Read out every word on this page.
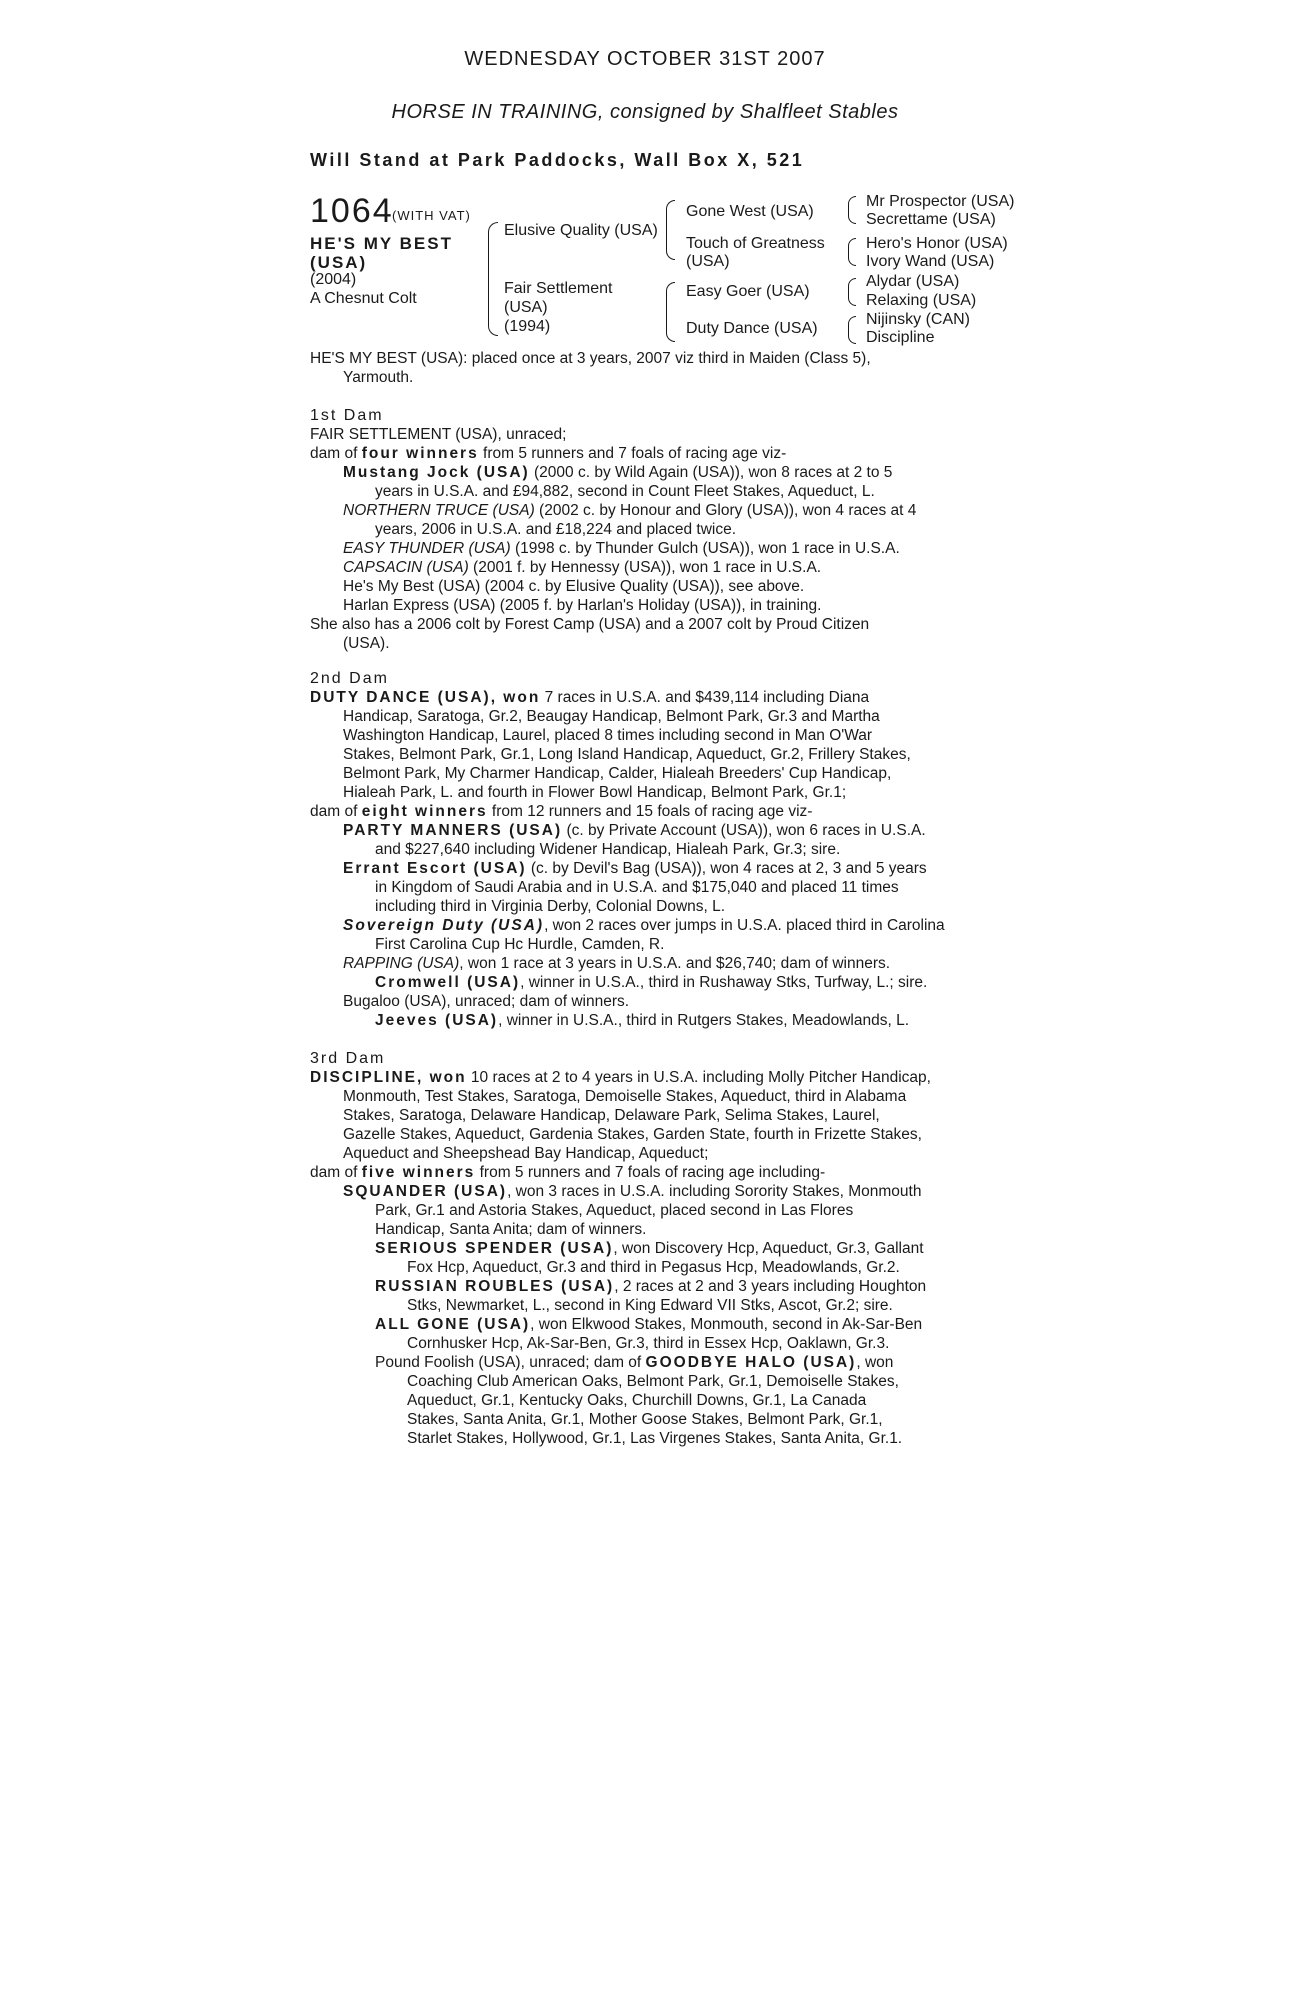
WEDNESDAY OCTOBER 31ST 2007
HORSE IN TRAINING, consigned by Shalfleet Stables
Will Stand at Park Paddocks, Wall Box X, 521
1064
(WITH VAT)
HE'S MY BEST
(USA)
(2004)
A Chesnut Colt
Elusive Quality (USA)
Fair Settlement
(USA)
(1994)
Gone West (USA)
Touch of Greatness
(USA)
Easy Goer (USA)
Duty Dance (USA)
Mr Prospector (USA)
Secrettame (USA)
Hero's Honor (USA)
Ivory Wand (USA)
Alydar (USA)
Relaxing (USA)
Nijinsky (CAN)
Discipline
HE'S MY BEST (USA): placed once at 3 years, 2007 viz third in Maiden (Class 5),
Yarmouth.
1st Dam
FAIR SETTLEMENT (USA), unraced;
dam of four winners from 5 runners and 7 foals of racing age viz-
Mustang Jock (USA) (2000 c. by Wild Again (USA)), won 8 races at 2 to 5
years in U.S.A. and £94,882, second in Count Fleet Stakes, Aqueduct, L.
NORTHERN TRUCE (USA) (2002 c. by Honour and Glory (USA)), won 4 races at 4
years, 2006 in U.S.A. and £18,224 and placed twice.
EASY THUNDER (USA) (1998 c. by Thunder Gulch (USA)), won 1 race in U.S.A.
CAPSACIN (USA) (2001 f. by Hennessy (USA)), won 1 race in U.S.A.
He's My Best (USA) (2004 c. by Elusive Quality (USA)), see above.
Harlan Express (USA) (2005 f. by Harlan's Holiday (USA)), in training.
She also has a 2006 colt by Forest Camp (USA) and a 2007 colt by Proud Citizen
(USA).
2nd Dam
DUTY DANCE (USA), won 7 races in U.S.A. and $439,114 including Diana
Handicap, Saratoga, Gr.2, Beaugay Handicap, Belmont Park, Gr.3 and Martha
Washington Handicap, Laurel, placed 8 times including second in Man O'War
Stakes, Belmont Park, Gr.1, Long Island Handicap, Aqueduct, Gr.2, Frillery Stakes,
Belmont Park, My Charmer Handicap, Calder, Hialeah Breeders' Cup Handicap,
Hialeah Park, L. and fourth in Flower Bowl Handicap, Belmont Park, Gr.1;
dam of eight winners from 12 runners and 15 foals of racing age viz-
PARTY MANNERS (USA) (c. by Private Account (USA)), won 6 races in U.S.A.
and $227,640 including Widener Handicap, Hialeah Park, Gr.3; sire.
Errant Escort (USA) (c. by Devil's Bag (USA)), won 4 races at 2, 3 and 5 years
in Kingdom of Saudi Arabia and in U.S.A. and $175,040 and placed 11 times
including third in Virginia Derby, Colonial Downs, L.
Sovereign Duty (USA), won 2 races over jumps in U.S.A. placed third in Carolina
First Carolina Cup Hc Hurdle, Camden, R.
RAPPING (USA), won 1 race at 3 years in U.S.A. and $26,740; dam of winners.
Cromwell (USA), winner in U.S.A., third in Rushaway Stks, Turfway, L.; sire.
Bugaloo (USA), unraced; dam of winners.
Jeeves (USA), winner in U.S.A., third in Rutgers Stakes, Meadowlands, L.
3rd Dam
DISCIPLINE, won 10 races at 2 to 4 years in U.S.A. including Molly Pitcher Handicap,
Monmouth, Test Stakes, Saratoga, Demoiselle Stakes, Aqueduct, third in Alabama
Stakes, Saratoga, Delaware Handicap, Delaware Park, Selima Stakes, Laurel,
Gazelle Stakes, Aqueduct, Gardenia Stakes, Garden State, fourth in Frizette Stakes,
Aqueduct and Sheepshead Bay Handicap, Aqueduct;
dam of five winners from 5 runners and 7 foals of racing age including-
SQUANDER (USA), won 3 races in U.S.A. including Sorority Stakes, Monmouth
Park, Gr.1 and Astoria Stakes, Aqueduct, placed second in Las Flores
Handicap, Santa Anita; dam of winners.
SERIOUS SPENDER (USA), won Discovery Hcp, Aqueduct, Gr.3, Gallant
Fox Hcp, Aqueduct, Gr.3 and third in Pegasus Hcp, Meadowlands, Gr.2.
RUSSIAN ROUBLES (USA), 2 races at 2 and 3 years including Houghton
Stks, Newmarket, L., second in King Edward VII Stks, Ascot, Gr.2; sire.
ALL GONE (USA), won Elkwood Stakes, Monmouth, second in Ak-Sar-Ben
Cornhusker Hcp, Ak-Sar-Ben, Gr.3, third in Essex Hcp, Oaklawn, Gr.3.
Pound Foolish (USA), unraced; dam of GOODBYE HALO (USA), won
Coaching Club American Oaks, Belmont Park, Gr.1, Demoiselle Stakes,
Aqueduct, Gr.1, Kentucky Oaks, Churchill Downs, Gr.1, La Canada
Stakes, Santa Anita, Gr.1, Mother Goose Stakes, Belmont Park, Gr.1,
Starlet Stakes, Hollywood, Gr.1, Las Virgenes Stakes, Santa Anita, Gr.1.
